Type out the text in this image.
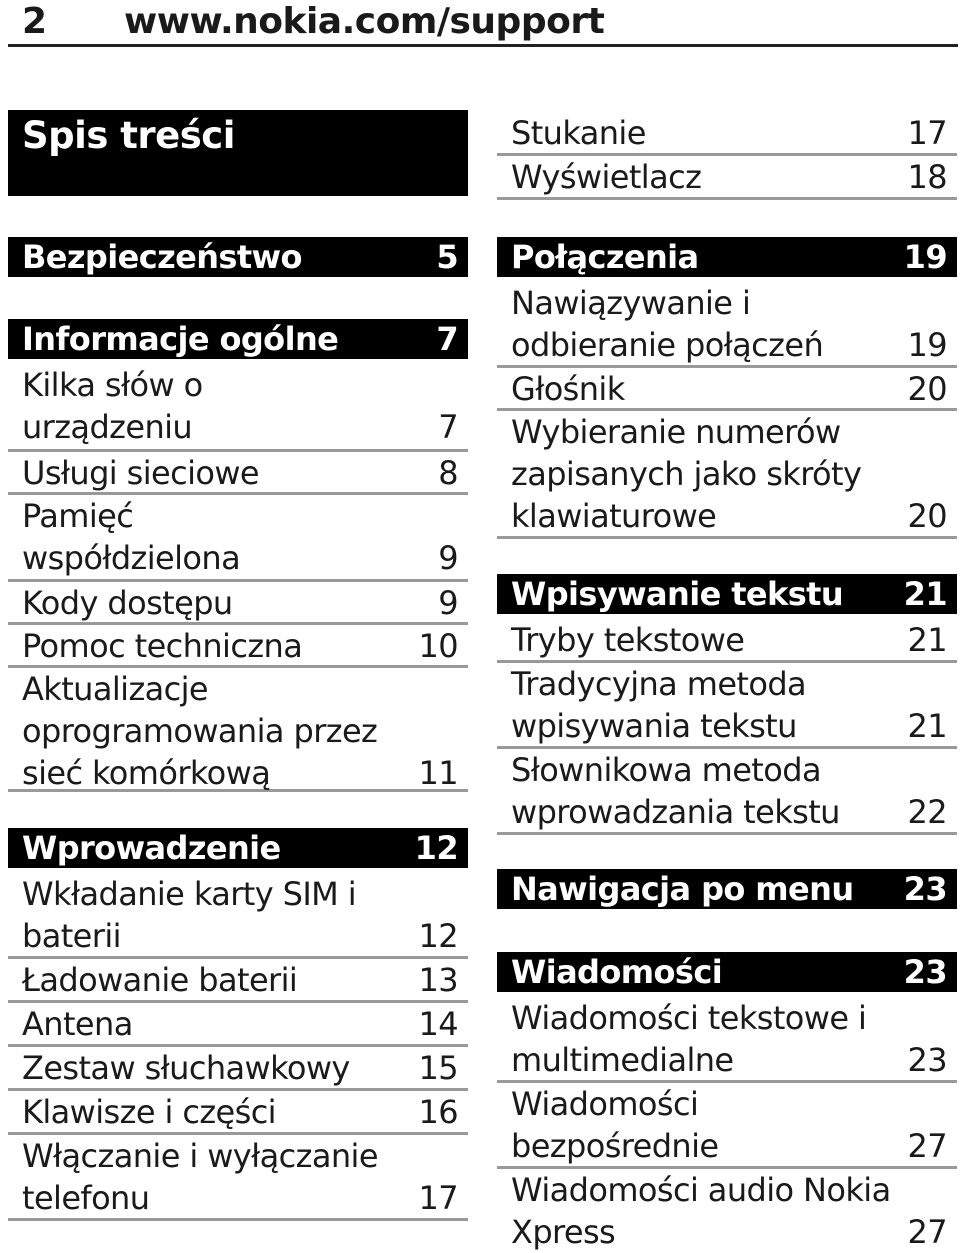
2 www.nokia.com/support
Spis treści
Bezpieczeństwo	5
Informacje ogólne	7
Kilka słów o
urządzeniu	7
Usługi sieciowe	8
Pamięć
współdzielona	9
Kody dostępu	9
Pomoc techniczna	10
Aktualizacje
oprogramowania przez
sieć komórkową	11
Wprowadzenie	12
Wkładanie karty SIM i
baterii	12
Ładowanie baterii	13
Antena	14
Zestaw słuchawkowy 15
Klawisze i części	16
Włączanie i wyłączanie
telefonu	17
Stukanie	17
Wyświetlacz	18
Połączenia	19
Nawiązywanie i
odbieranie połączeń	19
Głośnik	20
Wybieranie numerów
zapisanych jako skróty
klawiaturowe	20
Wpisywanie tekstu 21
Tryby tekstowe	21
Tradycyjna metoda
wpisywania tekstu	21
Słownikowa metoda
wprowadzania tekstu 22
Nawigacja po menu 23
Wiadomości	23
Wiadomości tekstowe i
multimedialne	23
Wiadomości
bezpośrednie	27
Wiadomości audio Nokia
Xpress	27
